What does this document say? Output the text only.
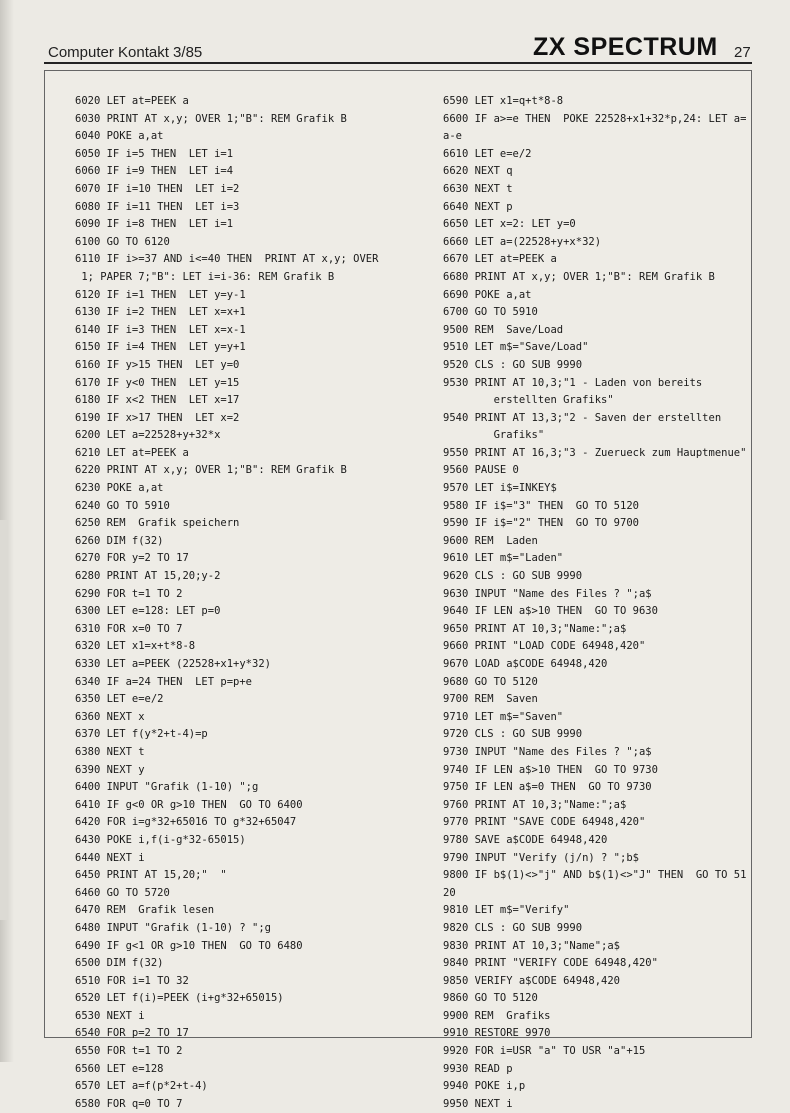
Computer Kontakt 3/85	ZX SPECTRUM 27
6020 LET at=PEEK a
6030 PRINT AT x,y; OVER 1;"B": REM Grafik B
6040 POKE a,at
6050 IF i=5 THEN  LET i=1
6060 IF i=9 THEN  LET i=4
6070 IF i=10 THEN  LET i=2
6080 IF i=11 THEN  LET i=3
6090 IF i=8 THEN  LET i=1
6100 GO TO 6120
6110 IF i>=37 AND i<=40 THEN  PRINT AT x,y; OVER
1; PAPER 7;"B": LET i=i-36: REM Grafik B
6120 IF i=1 THEN  LET y=y-1
6130 IF i=2 THEN  LET x=x+1
6140 IF i=3 THEN  LET x=x-1
6150 IF i=4 THEN  LET y=y+1
6160 IF y>15 THEN  LET y=0
6170 IF y<0 THEN  LET y=15
6180 IF x<2 THEN  LET x=17
6190 IF x>17 THEN  LET x=2
6200 LET a=22528+y+32*x
6210 LET at=PEEK a
6220 PRINT AT x,y; OVER 1;"B": REM Grafik B
6230 POKE a,at
6240 GO TO 5910
6250 REM  Grafik speichern
6260 DIM f(32)
6270 FOR y=2 TO 17
6280 PRINT AT 15,20;y-2
6290 FOR t=1 TO 2
6300 LET e=128: LET p=0
6310 FOR x=0 TO 7
6320 LET x1=x+t*8-8
6330 LET a=PEEK (22528+x1+y*32)
6340 IF a=24 THEN  LET p=p+e
6350 LET e=e/2
6360 NEXT x
6370 LET f(y*2+t-4)=p
6380 NEXT t
6390 NEXT y
6400 INPUT "Grafik (1-10) ";g
6410 IF g<0 OR g>10 THEN  GO TO 6400
6420 FOR i=g*32+65016 TO g*32+65047
6430 POKE i,f(i-g*32-65015)
6440 NEXT i
6450 PRINT AT 15,20;"  "
6460 GO TO 5720
6470 REM  Grafik lesen
6480 INPUT "Grafik (1-10) ? ";g
6490 IF g<1 OR g>10 THEN  GO TO 6480
6500 DIM f(32)
6510 FOR i=1 TO 32
6520 LET f(i)=PEEK (i+g*32+65015)
6530 NEXT i
6540 FOR p=2 TO 17
6550 FOR t=1 TO 2
6560 LET e=128
6570 LET a=f(p*2+t-4)
6580 FOR q=0 TO 7
6590 LET x1=q+t*8-8
6600 IF a>=e THEN  POKE 22528+x1+32*p,24: LET a=
a-e
6610 LET e=e/2
6620 NEXT q
6630 NEXT t
6640 NEXT p
6650 LET x=2: LET y=0
6660 LET a=(22528+y+x*32)
6670 LET at=PEEK a
6680 PRINT AT x,y; OVER 1;"B": REM Grafik B
6690 POKE a,at
6700 GO TO 5910
9500 REM  Save/Load
9510 LET m$="Save/Load"
9520 CLS : GO SUB 9990
9530 PRINT AT 10,3;"1 - Laden von bereits
erstellten Grafiks"
9540 PRINT AT 13,3;"2 - Saven der erstellten
Grafiks"
9550 PRINT AT 16,3;"3 - Zuerueck zum Hauptmenue"
9560 PAUSE 0
9570 LET i$=INKEY$
9580 IF i$="3" THEN  GO TO 5120
9590 IF i$="2" THEN  GO TO 9700
9600 REM  Laden
9610 LET m$="Laden"
9620 CLS : GO SUB 9990
9630 INPUT "Name des Files ? ";a$
9640 IF LEN a$>10 THEN  GO TO 9630
9650 PRINT AT 10,3;"Name:";a$
9660 PRINT "LOAD CODE 64948,420"
9670 LOAD a$CODE 64948,420
9680 GO TO 5120
9700 REM  Saven
9710 LET m$="Saven"
9720 CLS : GO SUB 9990
9730 INPUT "Name des Files ? ";a$
9740 IF LEN a$>10 THEN  GO TO 9730
9750 IF LEN a$=0 THEN  GO TO 9730
9760 PRINT AT 10,3;"Name:";a$
9770 PRINT "SAVE CODE 64948,420"
9780 SAVE a$CODE 64948,420
9790 INPUT "Verify (j/n) ? ";b$
9800 IF b$(1)<>"j" AND b$(1)<>"J" THEN  GO TO 51
20
9810 LET m$="Verify"
9820 CLS : GO SUB 9990
9830 PRINT AT 10,3;"Name";a$
9840 PRINT "VERIFY CODE 64948,420"
9850 VERIFY a$CODE 64948,420
9860 GO TO 5120
9900 REM  Grafiks
9910 RESTORE 9970
9920 FOR i=USR "a" TO USR "a"+15
9930 READ p
9940 POKE i,p
9950 NEXT i
